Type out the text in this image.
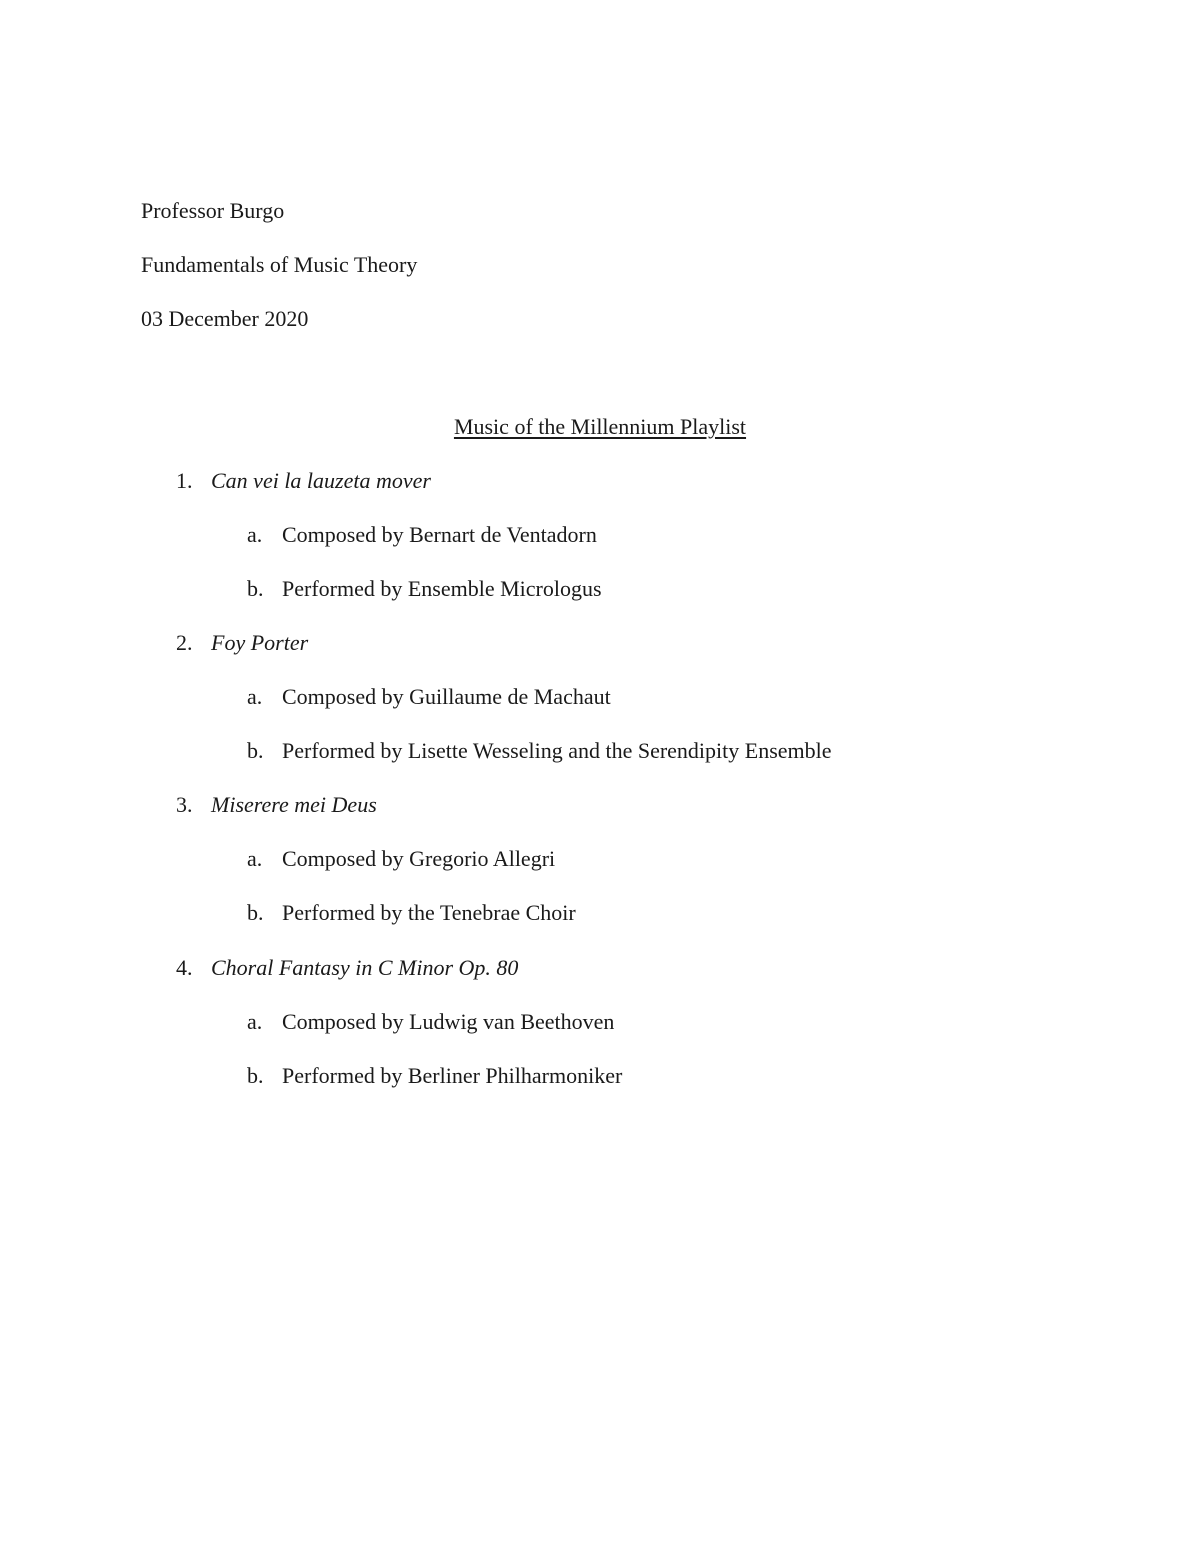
Professor Burgo
Fundamentals of Music Theory
03 December 2020
Music of the Millennium Playlist
1. Can vei la lauzeta mover
a. Composed by Bernart de Ventadorn
b. Performed by Ensemble Micrologus
2. Foy Porter
a. Composed by Guillaume de Machaut
b. Performed by Lisette Wesseling and the Serendipity Ensemble
3. Miserere mei Deus
a. Composed by Gregorio Allegri
b. Performed by the Tenebrae Choir
4. Choral Fantasy in C Minor Op. 80
a. Composed by Ludwig van Beethoven
b. Performed by Berliner Philharmoniker
